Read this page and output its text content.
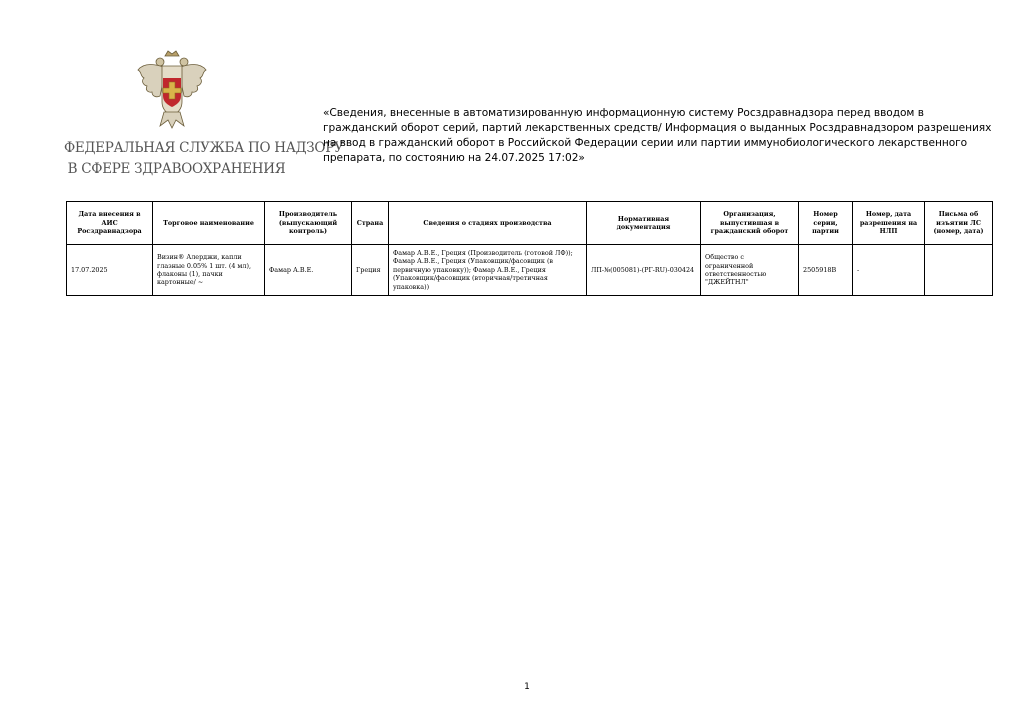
ФЕДЕРАЛЬНАЯ СЛУЖБА ПО НАДЗОРУ
В СФЕРЕ ЗДРАВООХРАНЕНИЯ
«Сведения, внесенные в автоматизированную информационную систему Росздравнадзора перед вводом в гражданский оборот серий, партий лекарственных средств/ Информация о выданных Росздравнадзором разрешениях на ввод в гражданский оборот в Российской Федерации серии или партии иммунобиологического лекарственного препарата, по состоянию на 24.07.2025 17:02»
Дата внесения в АИС Росздравнадзора	Торговое наименование	Производитель (выпускающий контроль)	Страна	Сведения о стадиях производства	Нормативная документация	Организация, выпустившая в гражданский оборот	Номер серии, партии	Номер, дата разрешения на НЛП	Письма об изъятии ЛС (номер, дата)
17.07.2025	Визин® Алерджи, капли глазные 0.05% 1 шт. (4 мл), флаконы (1), пачки картонные/ ~	Фамар А.В.Е.	Греция	Фамар А.В.Е., Греция (Производитель (готовой ЛФ)); Фамар А.В.Е., Греция (Упаковщик/фасовщик (в первичную упаковку)); Фамар А.В.Е., Греция (Упаковщик/фасовщик (вторичная/третичная упаковка))	ЛП-№(005081)-(РГ-RU)-030424	Общество с ограниченной ответственностью "ДЖЕЙТНЛ"	2505918B	-	
1
